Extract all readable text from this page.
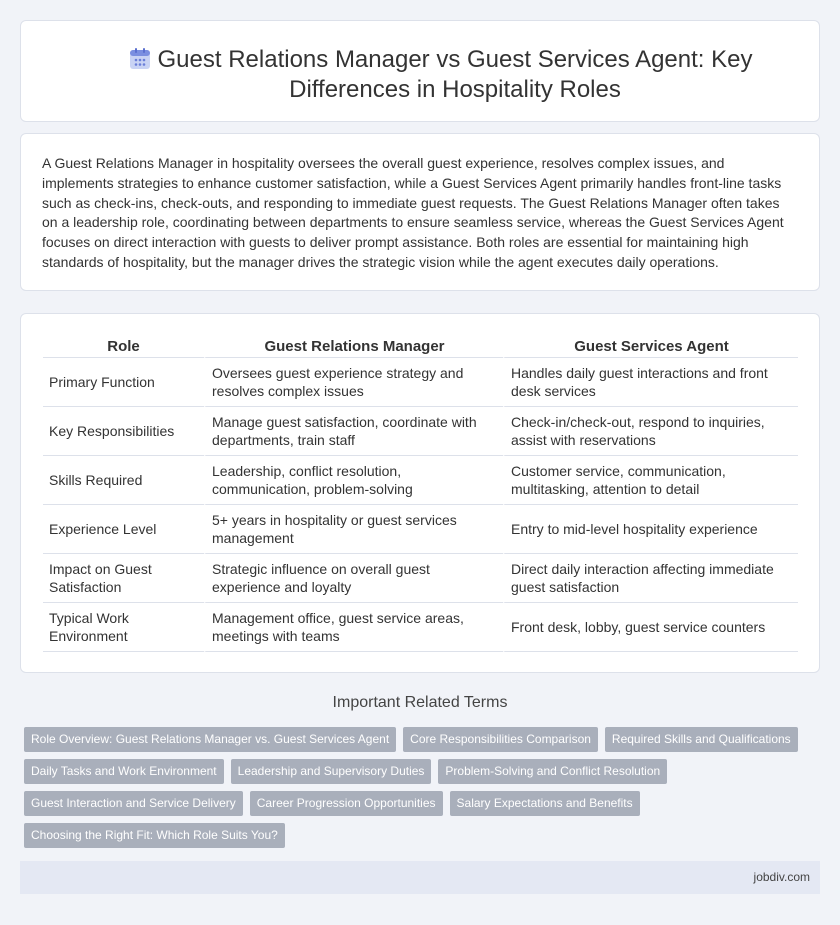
Guest Relations Manager vs Guest Services Agent: Key
Differences in Hospitality Roles

A Guest Relations Manager in hospitality oversees the overall guest experience, resolves complex issues, and implements strategies to enhance customer satisfaction, while a Guest Services Agent primarily handles front-line tasks such as check-ins, check-outs, and responding to immediate guest requests. The Guest Relations Manager often takes on a leadership role, coordinating between departments to ensure seamless service, whereas the Guest Services Agent focuses on direct interaction with guests to deliver prompt assistance. Both roles are essential for maintaining high standards of hospitality, but the manager drives the strategic vision while the agent executes daily operations.

Role	Guest Relations Manager	Guest Services Agent
Primary Function	Oversees guest experience strategy and resolves complex issues	Handles daily guest interactions and front desk services
Key Responsibilities	Manage guest satisfaction, coordinate with departments, train staff	Check-in/check-out, respond to inquiries, assist with reservations
Skills Required	Leadership, conflict resolution, communication, problem-solving	Customer service, communication, multitasking, attention to detail
Experience Level	5+ years in hospitality or guest services management	Entry to mid-level hospitality experience
Impact on Guest Satisfaction	Strategic influence on overall guest experience and loyalty	Direct daily interaction affecting immediate guest satisfaction
Typical Work Environment	Management office, guest service areas, meetings with teams	Front desk, lobby, guest service counters
Important Related Terms
Role Overview: Guest Relations Manager vs. Guest Services Agent	Core Responsibilities Comparison	Required Skills and Qualifications
Daily Tasks and Work Environment	Leadership and Supervisory Duties	Problem-Solving and Conflict Resolution
Guest Interaction and Service Delivery	Career Progression Opportunities	Salary Expectations and Benefits
Choosing the Right Fit: Which Role Suits You?
jobdiv.com
